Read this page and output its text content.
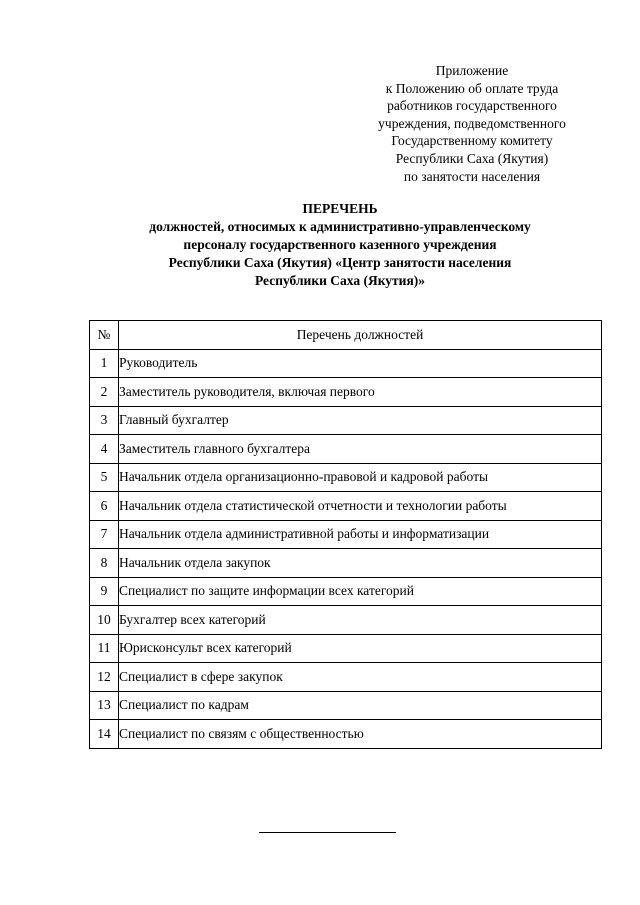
Приложение
к Положению об оплате труда
работников государственного
учреждения, подведомственного
Государственному комитету
Республики Саха (Якутия)
по занятости населения
ПЕРЕЧЕНЬ
должностей, относимых к административно-управленческому
персоналу государственного казенного учреждения
Республики Саха (Якутия) «Центр занятости населения
Республики Саха (Якутия)»
№	Перечень должностей
1	Руководитель
2	Заместитель руководителя, включая первого
3	Главный бухгалтер
4	Заместитель главного бухгалтера
5	Начальник отдела организационно-правовой и кадровой работы
6	Начальник отдела статистической отчетности и технологии работы
7	Начальник отдела административной работы и информатизации
8	Начальник отдела закупок
9	Специалист по защите информации всех категорий
10	Бухгалтер всех категорий
11	Юрисконсульт всех категорий
12	Специалист в сфере закупок
13	Специалист по кадрам
14	Специалист по связям с общественностью
